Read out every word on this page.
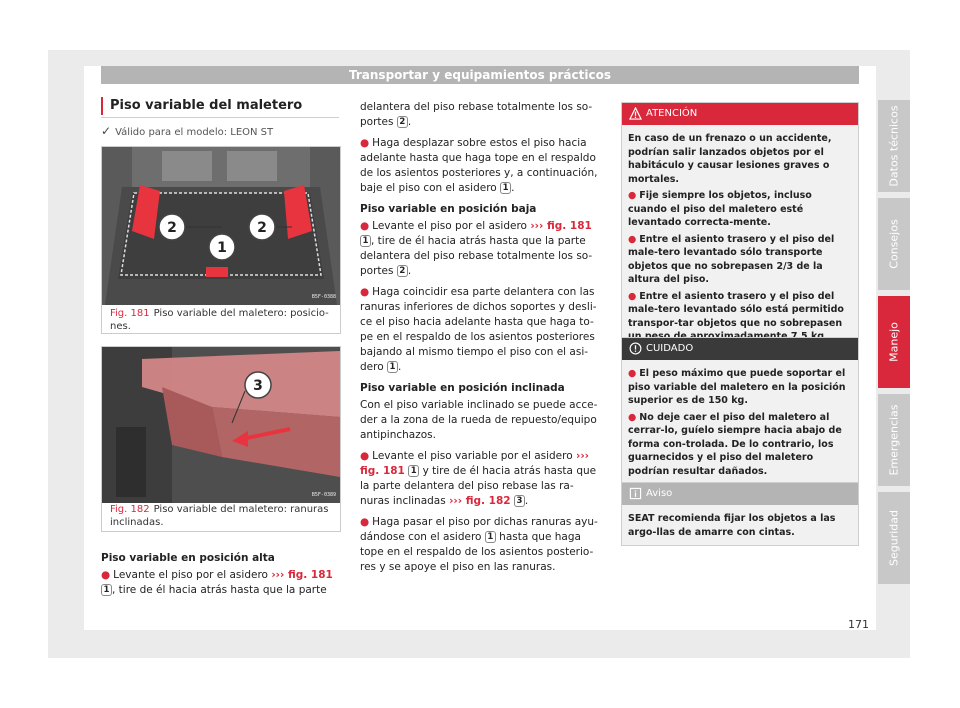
Transportar y equipamientos prácticos
Piso variable del maletero
✓ Válido para el modelo: LEON ST
2
1
2
B5F-0388
Fig. 181 Piso variable del maletero: posicio-nes.
3
B5F-0389
Fig. 182 Piso variable del maletero: ranuras inclinadas.
Piso variable en posición alta

● Levante el piso por el asidero ››› fig. 181 1 , tire de él hacia atrás hasta que la parte

delantera del piso rebase totalmente los so-portes 2 .

● Haga desplazar sobre estos el piso hacia adelante hasta que haga tope en el respaldo de los asientos posteriores y, a continuación, baje el piso con el asidero 1 .

Piso variable en posición baja

● Levante el piso por el asidero ››› fig. 181 1 , tire de él hacia atrás hasta que la parte delantera del piso rebase totalmente los so-portes 2 .

● Haga coincidir esa parte delantera con las ranuras inferiores de dichos soportes y desli-ce el piso hacia adelante hasta que haga to-pe en el respaldo de los asientos posteriores bajando al mismo tiempo el piso con el asi-dero 1 .

Piso variable en posición inclinada

Con el piso variable inclinado se puede acce-der a la zona de la rueda de repuesto/equipo antipinchazos.

● Levante el piso variable por el asidero ››› fig. 181 1 y tire de él hacia atrás hasta que la parte delantera del piso rebase las ra-nuras inclinadas ››› fig. 182 3 .

● Haga pasar el piso por dichas ranuras ayu-dándose con el asidero 1 hasta que haga tope en el respaldo de los asientos posterio-res y se apoye el piso en las ranuras.

ATENCIÓN

En caso de un frenazo o un accidente, podrían salir lanzados objetos por el habitáculo y causar lesiones graves o mortales.

● Fije siempre los objetos, incluso cuando el piso del maletero esté levantado correcta-mente.

● Entre el asiento trasero y el piso del male-tero levantado sólo transporte objetos que no sobrepasen 2/3 de la altura del piso.

● Entre el asiento trasero y el piso del male-tero levantado sólo está permitido transpor-tar objetos que no sobrepasen

CUIDADO

● El peso máximo que puede soportar el piso variable del maletero en la posición superior es de 150 kg.

● No deje caer el piso del maletero al cerrar-lo, guíelo siempre hacia abajo de forma con-trolada. De lo contrario, los guarnecidos y el piso del maletero podrían resultar dañados.

Aviso
SEAT recomienda fijar los objetos a las argo-llas de amarre con cintas.
Datos técnicos
Consejos
Manejo
Emergencias
Seguridad
171
